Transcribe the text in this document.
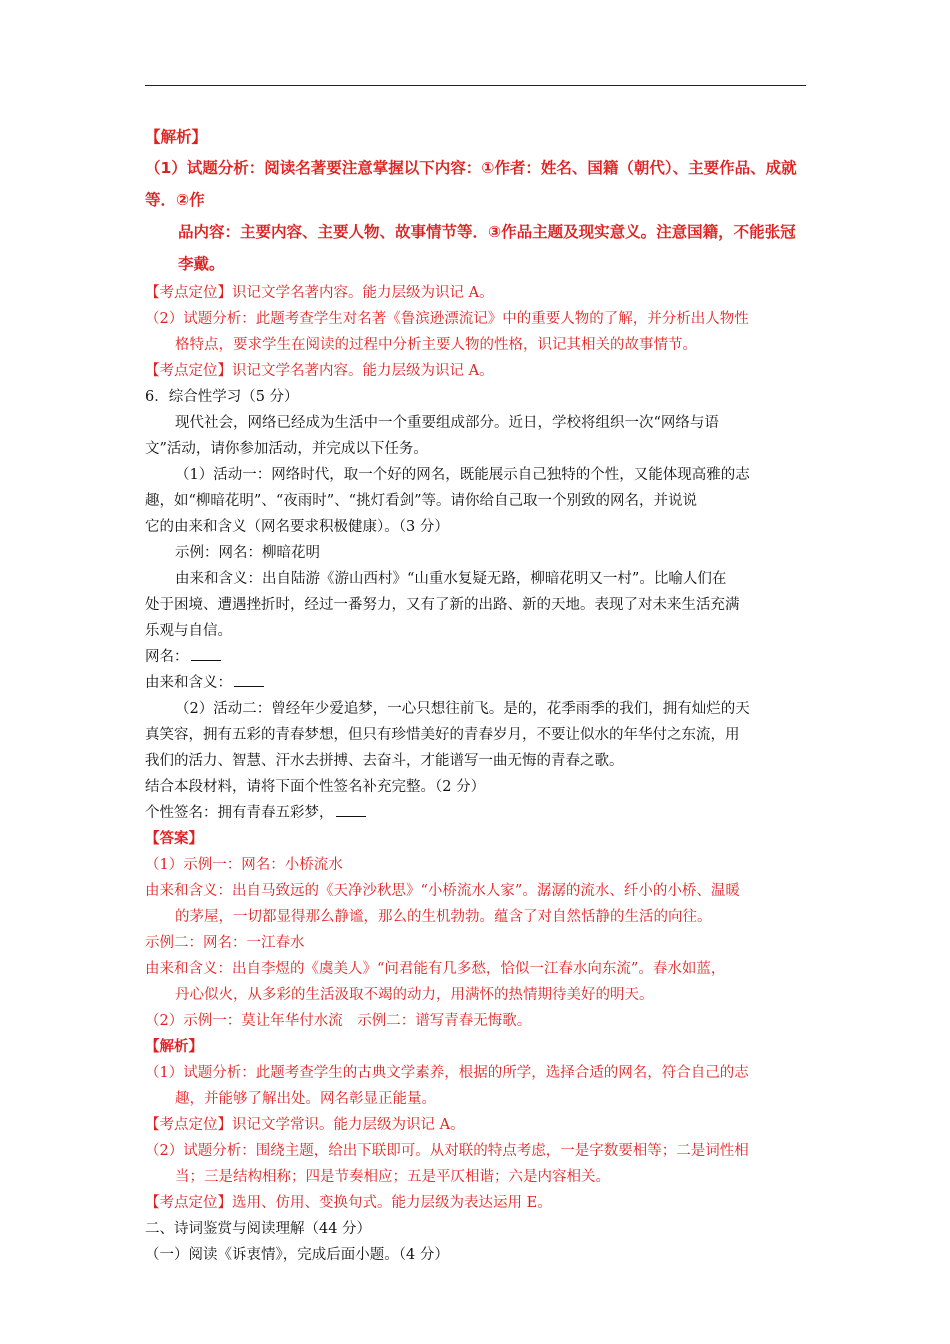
【解析】
（1）试题分析：阅读名著要注意掌握以下内容：①作者：姓名、国籍（朝代）、主要作品、成就等．②作
品内容：主要内容、主要人物、故事情节等．③作品主题及现实意义。注意国籍，不能张冠李戴。
【考点定位】识记文学名著内容。能力层级为识记 A。
（2）试题分析：此题考查学生对名著《鲁滨逊漂流记》中的重要人物的了解，并分析出人物性
格特点，要求学生在阅读的过程中分析主要人物的性格，识记其相关的故事情节。
【考点定位】识记文学名著内容。能力层级为识记 A。
6．综合性学习（5 分）
现代社会，网络已经成为生活中一个重要组成部分。近日，学校将组织一次“网络与语
文”活动，请你参加活动，并完成以下任务。
（1）活动一：网络时代，取一个好的网名，既能展示自己独特的个性，又能体现高雅的志
趣，如“柳暗花明”、“夜雨时”、“挑灯看剑”等。请你给自己取一个别致的网名，并说说
它的由来和含义（网名要求积极健康）。（3 分）
示例：网名：柳暗花明
由来和含义：出自陆游《游山西村》“山重水复疑无路，柳暗花明又一村”。比喻人们在
处于困境、遭遇挫折时，经过一番努力，又有了新的出路、新的天地。表现了对未来生活充满
乐观与自信。
网名：
由来和含义：
（2）活动二：曾经年少爱追梦，一心只想往前飞。是的，花季雨季的我们，拥有灿烂的天
真笑容，拥有五彩的青春梦想，但只有珍惜美好的青春岁月，不要让似水的年华付之东流，用
我们的活力、智慧、汗水去拼搏、去奋斗，才能谱写一曲无悔的青春之歌。
结合本段材料，请将下面个性签名补充完整。（2 分）
个性签名：拥有青春五彩梦，
【答案】
（1）示例一：网名：小桥流水
由来和含义：出自马致远的《天净沙秋思》“小桥流水人家”。潺潺的流水、纤小的小桥、温暖
的茅屋，一切都显得那么静谧，那么的生机勃勃。蕴含了对自然恬静的生活的向往。
示例二：网名：一江春水
由来和含义：出自李煜的《虞美人》“问君能有几多愁，恰似一江春水向东流”。春水如蓝，
丹心似火，从多彩的生活汲取不竭的动力，用满怀的热情期待美好的明天。
（2）示例一：莫让年华付水流　示例二：谱写青春无悔歌。
【解析】
（1）试题分析：此题考查学生的古典文学素养，根据的所学，选择合适的网名，符合自己的志
趣，并能够了解出处。网名彰显正能量。
【考点定位】识记文学常识。能力层级为识记 A。
（2）试题分析：围绕主题，给出下联即可。从对联的特点考虑，一是字数要相等；二是词性相
当；三是结构相称；四是节奏相应；五是平仄相谐；六是内容相关。
【考点定位】选用、仿用、变换句式。能力层级为表达运用 E。
二、诗词鉴赏与阅读理解（44 分）
（一）阅读《诉衷情》，完成后面小题。（4 分）
